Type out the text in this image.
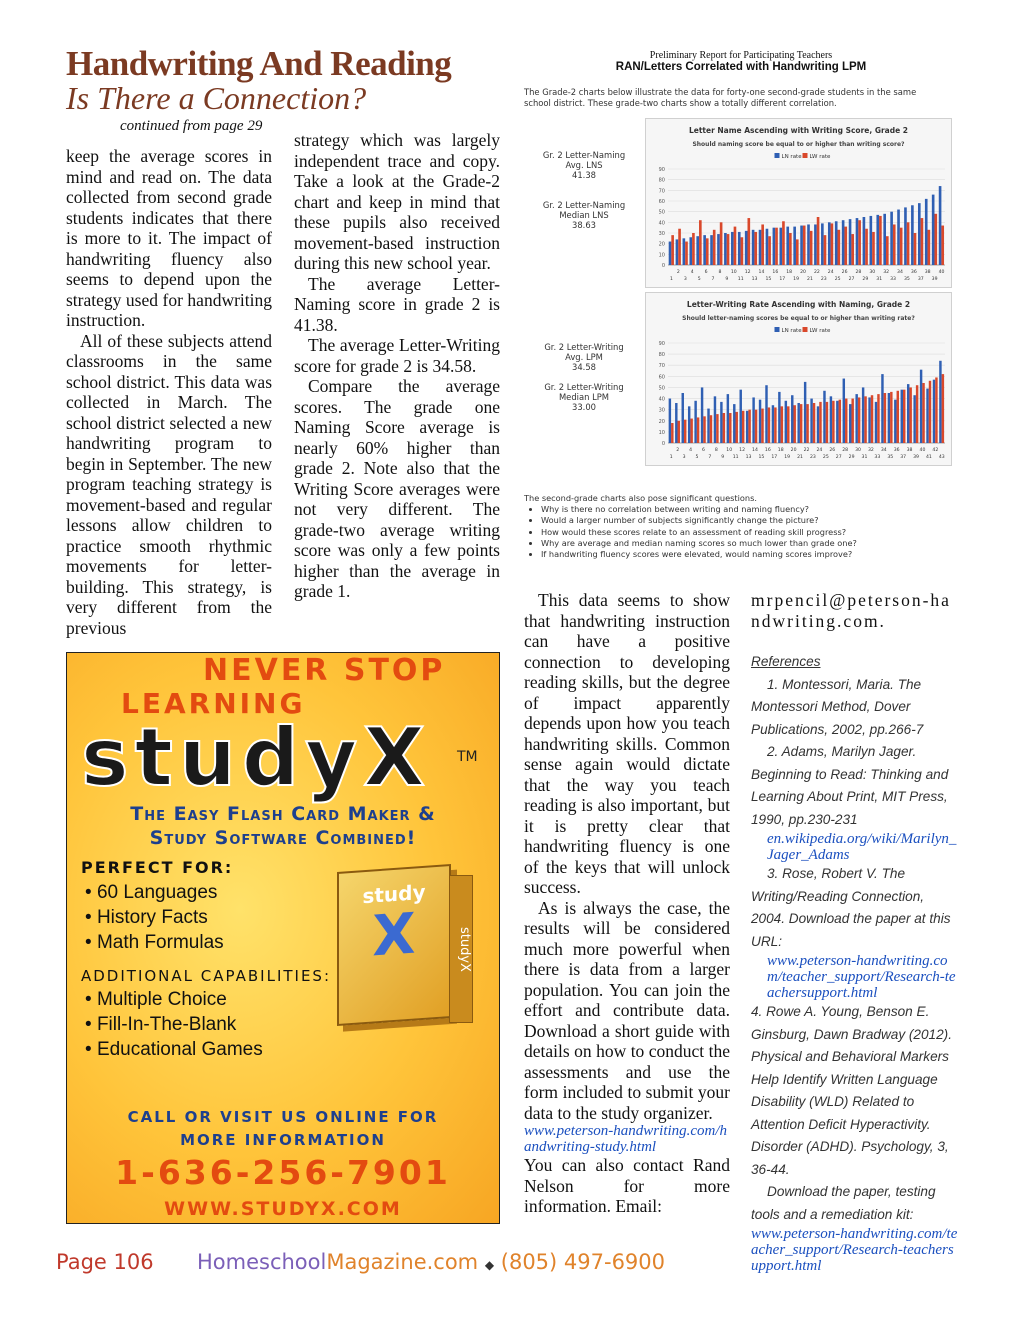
Handwriting And Reading
Is There a Connection?
continued from page 29

keep the average scores in mind and read on. The data collected from second grade students indicates that there is more to it. The impact of handwriting fluency also seems to depend upon the strategy used for handwriting instruction.

All of these subjects attend classrooms in the same school district. This data was collected in March. The school district selected a new handwriting program to begin in September. The new program teaching strategy is movement-based and regular lessons allow children to practice smooth rhythmic movements for letter-building. This strategy, is very different from the previous

strategy which was largely independent trace and copy. Take a look at the Grade-2 chart and keep in mind that these pupils also received movement-based instruction during this new school year.

The average Letter-Naming score in grade 2 is 41.38.

The average Letter-Writing score for grade 2 is 34.58.

Compare the average scores. The grade one Naming Score average is nearly 60% higher than grade 2. Note also that the Writing Score averages were not very different. The grade-two average writing score was only a few points higher than the average in grade 1.

Preliminary Report for Participating Teachers
RAN/Letters Correlated with Handwriting LPM
The Grade-2 charts below illustrate the data for forty-one second-grade students in the same school district. These grade-two charts show a totally different correlation.
Gr. 2 Letter-Naming
Avg. LNS
41.38
Gr. 2 Letter-Naming
Median LNS
38.63
Gr. 2 Letter-Writing
Avg. LPM
34.58
Gr. 2 Letter-Writing
Median LPM
33.00
Letter Name Ascending with Writing Score, Grade 2
Should naming score be equal to or higher than writing score?
LN rate LW rate
0
10
20
30
40
50
60
70
80
90
1
2
3
4
5
6
7
8
9
10
11
12
13
14
15
16
17
18
19
20
21
22
23
24
25
26
27
28
29
30
31
32
33
34
35
36
37
38
39
40
Letter-Writing Rate Ascending with Naming, Grade 2
Should letter-naming scores be equal to or higher than writing rate?
LN rate LW rate
0
10
20
30
40
50
60
70
80
90
1
2
3
4
5
6
7
8
9
10
11
12
13
14
15
16
17
18
19
20
21
22
23
24
25
26
27
28
29
30
31
32
33
34
35
36
37
38
39
40
41
42
43
The second-grade charts also pose significant questions.
• Why is there no correlation between writing and naming fluency?
• Would a larger number of subjects significantly change the picture?
• How would these scores relate to an assessment of reading skill progress?
• Why are average and median naming scores so much lower than grade one?
• If handwriting fluency scores were elevated, would naming scores improve?

This data seems to show that handwriting instruction can have a positive connection to developing reading skills, but the degree of impact apparently depends upon how you teach handwriting skills. Common sense again would dictate that the way you teach reading is also important, but it is pretty clear that handwriting fluency is one of the keys that will unlock success.

As is always the case, the results will be considered much more powerful when there is data from a larger population. You can join the effort and contribute data. Download a short guide with details on how to conduct the assessments and use the form included to submit your data to the study organizer.

www.peterson-handwriting.com/handwriting-study.html

You can also contact Rand Nelson for more information. Email:

mrpencil@peterson-handwriting.com.
References
1. Montessori, Maria. The Montessori Method, Dover Publications, 2002, pp.266-7
2. Adams, Marilyn Jager. Beginning to Read: Thinking and Learning About Print, MIT Press, 1990, pp.230-231
en.wikipedia.org/wiki/Marilyn_Jager_Adams
3. Rose, Robert V. The Writing/Reading Connection, 2004. Download the paper at this URL:
www.peterson-handwriting.com/teacher_support/Research-teachersupport.html
4. Rowe A. Young, Benson E. Ginsburg, Dawn Bradway (2012). Physical and Behavioral Markers Help Identify Written Language Disability (WLD) Related to Attention Deficit Hyperactivity. Disorder (ADHD). Psychology, 3, 36-44.
Download the paper, testing tools and a remediation kit:
www.peterson-handwriting.com/teacher_support/Research-teachersupport.html
NEVER STOP
LEARNING
studyX TM
The Easy Flash Card Maker &
Study Software Combined!
PERFECT FOR:
• 60 Languages
• History Facts
• Math Formulas
ADDITIONAL CAPABILITIES:
• Multiple Choice
• Fill-In-The-Blank
• Educational Games
study
X	studyX
CALL OR VISIT US ONLINE FOR
MORE INFORMATION
1-636-256-7901
WWW.STUDYX.COM
Page 106 HomeschoolMagazine.com ◆ (805) 497-6900
